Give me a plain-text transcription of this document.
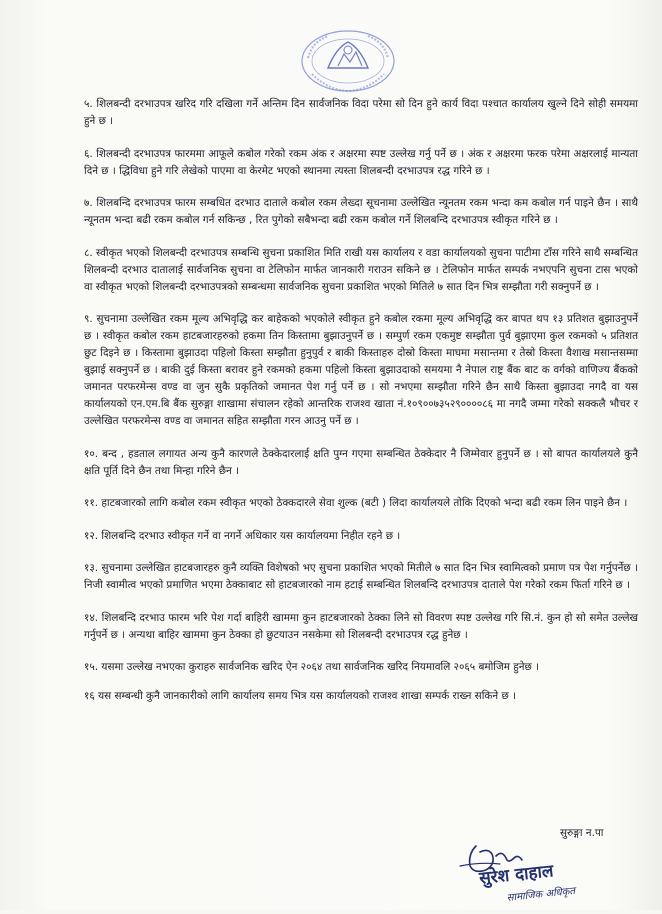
५. शिलबन्दी दरभाउपत्र खरिद गरि दखिला गर्ने अन्तिम दिन सार्वजनिक विदा परेमा सो दिन हुने कार्य विदा पश्चात कार्यालय खुल्ने दिने सोही समयमा हुने छ ।

६. शिलबन्दी दरभाउपत्र फारममा आफूले कबोल गरेको रकम अंक र अक्षरमा स्पष्ट उल्लेख गर्नु पर्ने छ । अंक र अक्षरमा फरक परेमा अक्षरलाई मान्यता दिने छ । द्धिविधा हुने गरि लेखेको पाएमा वा केरमेट भएको स्थानमा त्यस्ता शिलबन्दी दरभाउपत्र रद्ध गरिने छ ।

७. शिलबन्दि दरभाउपत्र फारम सम्बधित दरभाउ दाताले कबोल रकम लेख्दा सूचनामा उल्लेखित न्यूनतम रकम भन्दा कम कबोल गर्न पाइने छैन । साथै न्यूनतम भन्दा बढी रकम कबोल गर्न सकिन्छ , रित पुगेको सबैभन्दा बढी रकम कबोल गर्ने शिलबन्दि दरभाउपत्र स्वीकृत गरिने छ ।

८. स्वीकृत भएको शिलबन्दी दरभाउपत्र सम्बन्धि सुचना प्रकाशित मिति राखी यस कार्यालय र वडा कार्यालयको सुचना पाटीमा टाँस गरिने साथै सम्बन्धित शिलबन्दी दरभाउ दातालाई सार्वजनिक सुचना वा टेलिफोन मार्फत जानकारी गराउन सकिने छ । टेलिफोन मार्फत सम्पर्क नभएपनि सुचना टास भएको वा स्वीकृत भएको शिलबन्दी दरभाउपत्रको सम्बन्धमा सार्वजनिक सुचना प्रकाशित भएको मितिले ७ सात दिन भित्र सम्झौता गरी सक्नुपर्ने छ ।

९. सुचनामा उल्लेखित रकम मूल्य अभिवृद्धि कर बाहेकको भएकोले स्वीकृत हुने कबोल रकमा मूल्य अभिवृद्धि कर बापत थप १३ प्रतिशत बुझाउनुपर्ने छ । स्वीकृत कबोल रकम हाटबजारहरुको हकमा तिन किस्तामा बुझाउनुपर्ने छ । सम्पुर्ण रकम एकमुष्ट सम्झौता पुर्व बुझाएमा कुल रकमको ५ प्रतिशत छुट दिइने छ । किस्तामा बुझाउदा पहिलो किस्ता सम्झौता हुनुपुर्व र बाकी किस्ताहरु दोस्रो किस्ता माघमा मसान्तमा र तेस्रो किस्ता वैशाख मसान्तसम्मा बुझाई सक्नुपर्ने छ । बाकी दुई किस्ता बरावर हुने रकमको हकमा पहिलो किस्ता बुझाउदाको समयमा नै नेपाल राष्ट्र बैंक बाट क वर्गको वाणिज्य बैंकको जमानत परफरमेन्स वण्ड वा जुन सुकै प्रकृतिको जमानत पेश गर्नु पर्ने छ । सो नभएमा सम्झौता गरिने छैन साथै किस्ता बुझाउदा नगदै वा यस कार्यालयको एन.एम.बि बैंक सुरुङ्गा शाखामा संचालन रहेको आन्तरिक राजश्व खाता नं.१०९००७३५२९००००८६ मा नगदै जम्मा गरेको सक्कलै भौचर र उल्लेखित परफरमेन्स वण्ड वा जमानत सहित सम्झौता गरन आउनु पर्ने छ ।

१०. बन्द , हडताल लगायत अन्य कुनै कारणले ठेक्केदारलाई क्षति पुग्न गएमा सम्बन्धित ठेक्केदार नै जिम्मेवार हुनुपर्ने छ । सो बापत कार्यालयले कुनै क्षति पूर्ति दिने छैन तथा मिन्हा गरिने छैन ।

११. हाटबजारको लागि कबोल रकम स्वीकृत भएको ठेक्कदारले सेवा शुल्क (बटी ) लिदा कार्यालयले तोकि दिएको भन्दा बढी रकम लिन पाइने छैन ।

१२. शिलबन्दि दरभाउ स्वीकृत गर्ने वा नगर्ने अधिकार यस कार्यालयमा निहीत रहने छ ।

१३. सुचनामा उल्लेखित हाटबजारहरु कुनै व्यक्ति विशेषको भए सुचना प्रकाशित भएको मितीले ७ सात दिन भित्र स्वामित्वको प्रमाण पत्र पेश गर्नुपर्नेछ । निजी स्वामीत्व भएको प्रमाणित भएमा ठेक्काबाट सो हाटबजारको नाम हटाई सम्बन्धित शिलबन्दि दरभाउपत्र दाताले पेश गरेको रकम फिर्ता गरिने छ ।

१४. शिलबन्दि दरभाउ फारम भरि पेश गर्दा बाहिरी खाममा कुन हाटबजारको ठेक्का लिने सो विवरण स्पष्ट उल्लेख गरि सि.नं. कुन हो सो समेत उल्लेख गर्नुपर्ने छ । अन्यथा बाहिर खाममा कुन ठेक्का हो छुटयाउन नसकेमा सो शिलबन्दी दरभाउपत्र रद्ध हुनेछ ।

१५. यसमा उल्लेख नभएका कुराहरु सार्वजनिक खरिद ऐन २०६४ तथा सार्वजनिक खरिद नियमावलि २०६५ बमोजिम हुनेछ ।

१६ यस सम्बन्धी कुनै जानकारीको लागि कार्यालय समय भित्र यस कार्यालयको राजश्व शाखा सम्पर्क राख्न सकिने छ ।

सुरुङ्गा न.पा
सुरेश दाहाल
सामाजिक अधिकृत
